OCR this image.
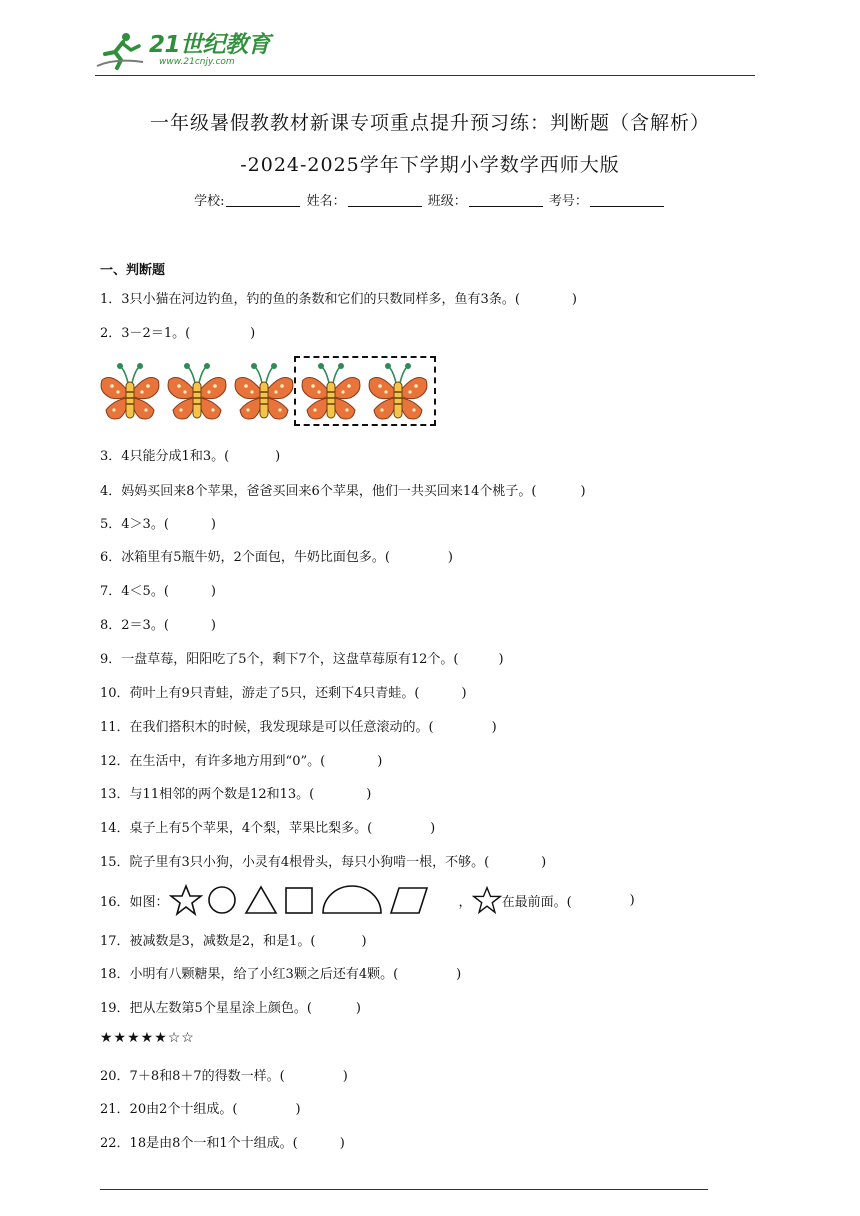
21世纪教育
www.21cnjy.com
一年级暑假教教材新课专项重点提升预习练：判断题（含解析）
-2024-2025学年下学期小学数学西师大版
学校:	姓名：	班级：	考号：
一、判断题
1．3只小猫在河边钓鱼，钓的鱼的条数和它们的只数同样多，鱼有3条。(	)
2．3－2＝1。(	)
3．4只能分成1和3。(	)
4．妈妈买回来8个苹果，爸爸买回来6个苹果，他们一共买回来14个桃子。(	)
5．4＞3。(	)
6．冰箱里有5瓶牛奶，2个面包，牛奶比面包多。(	)
7．4＜5。(	)
8．2＝3。(	)
9．一盘草莓，阳阳吃了5个，剩下7个，这盘草莓原有12个。(	)
10．荷叶上有9只青蛙，游走了5只，还剩下4只青蛙。(	)
11．在我们搭积木的时候，我发现球是可以任意滚动的。(	)
12．在生活中，有许多地方用到“0”。(	)
13．与11相邻的两个数是12和13。(	)
14．桌子上有5个苹果，4个梨，苹果比梨多。(	)
15．院子里有3只小狗，小灵有4根骨头，每只小狗啃一根，不够。(	)
16．如图：	， 在最前面。(	)
17．被减数是3，减数是2，和是1。(	)
18．小明有八颗糖果，给了小红3颗之后还有4颗。(	)
19．把从左数第5个星星涂上颜色。(	)
★★★★★☆☆
20．7＋8和8＋7的得数一样。(	)
21．20由2个十组成。(	)
22．18是由8个一和1个十组成。(	)
